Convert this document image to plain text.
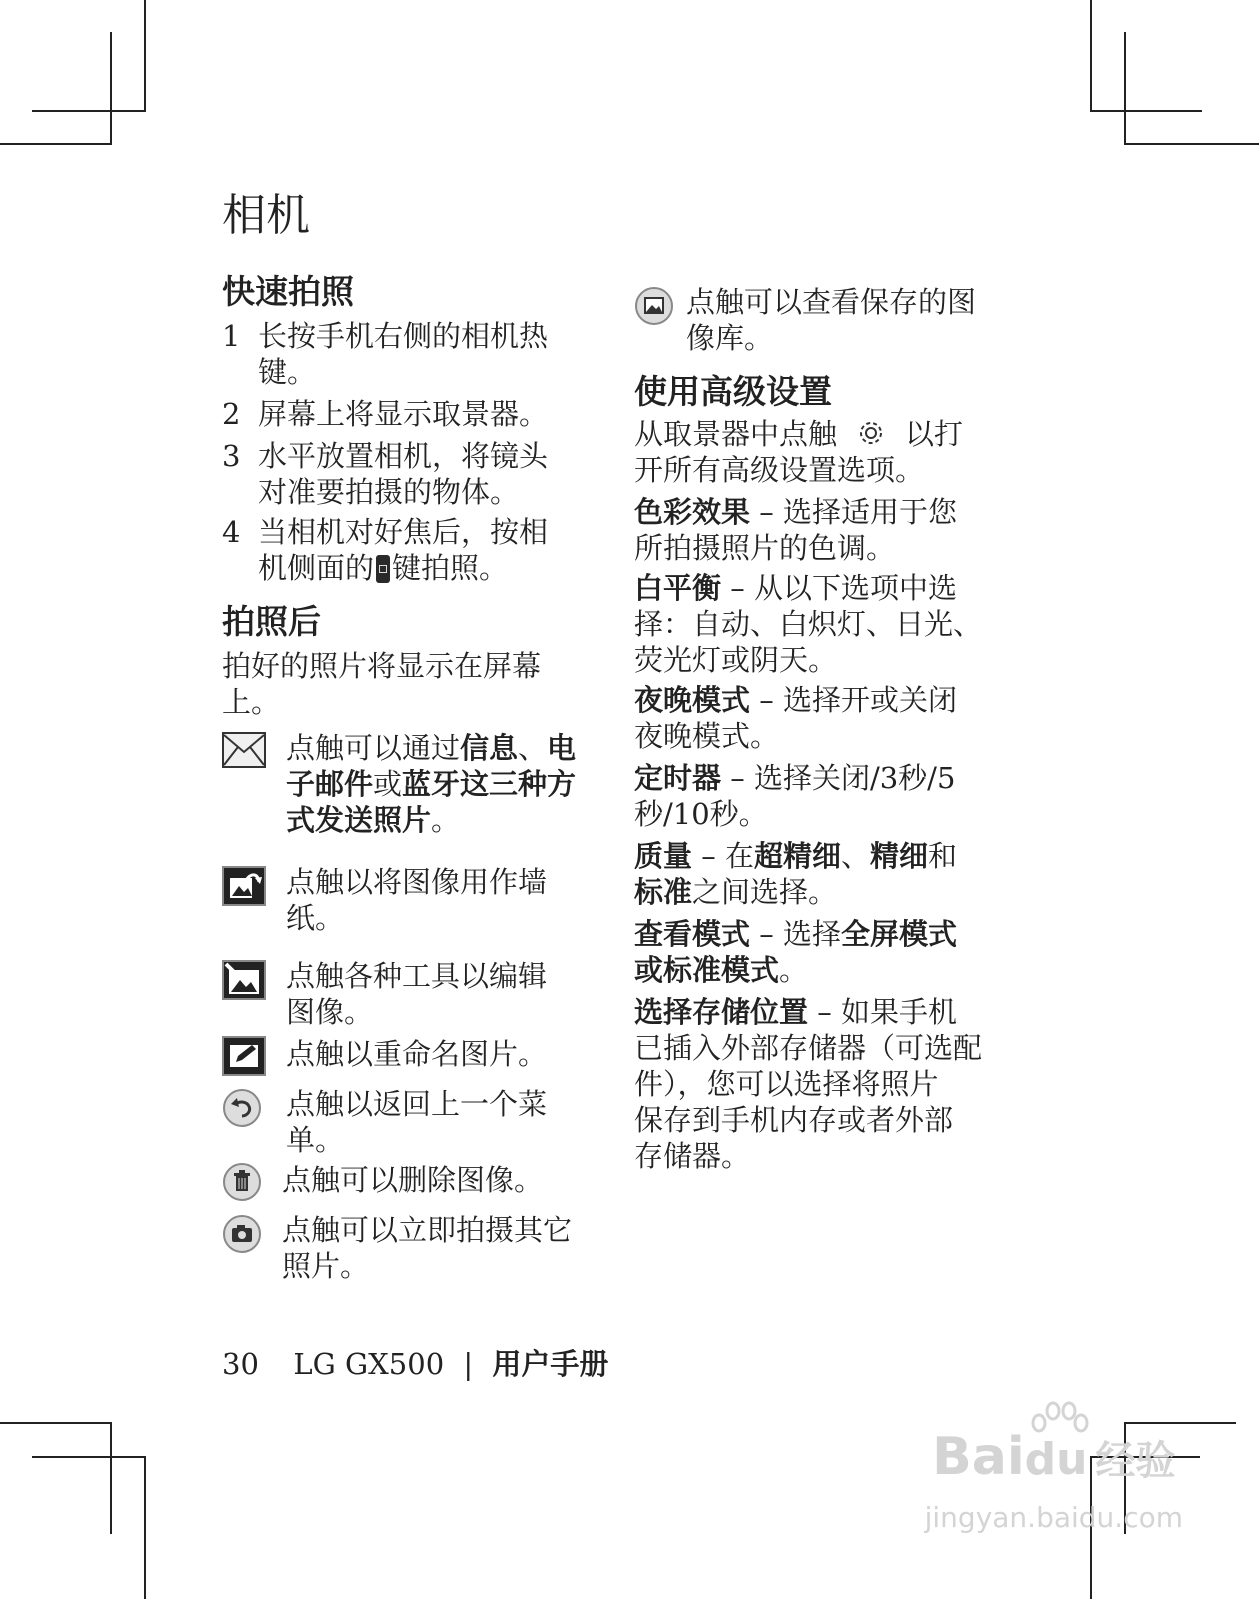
相机
快速拍照
1 长按手机右侧的相机热
键。
2 屏幕上将显示取景器。
3 水平放置相机，将镜头
对准要拍摄的物体。
4 当相机对好焦后，按相
机侧面的 键拍照。
拍照后
拍好的照片将显示在屏幕
上。
点触可以通过信息、电
子邮件或蓝牙这三种方
式发送照片。
点触以将图像用作墙
纸。
点触各种工具以编辑
图像。
点触以重命名图片。
点触以返回上一个菜
单。
点触可以删除图像。
点触可以立即拍摄其它
照片。
点触可以查看保存的图
像库。
使用高级设置
从取景器中点触 以打
开所有高级设置选项。
色彩效果 – 选择适用于您
所拍摄照片的色调。
白平衡 – 从以下选项中选
择：自动、白炽灯、日光、
荧光灯或阴天。
夜晚模式 – 选择开或关闭
夜晚模式。
定时器 – 选择关闭/3秒/5
秒/10秒。
质量 – 在超精细、精细和
标准之间选择。
查看模式 – 选择全屏模式
或标准模式。
选择存储位置 – 如果手机
已插入外部存储器（可选配
件），您可以选择将照片
保存到手机内存或者外部
存储器。
30 LG GX500 | 用户手册
Baidu 经验
jingyan.baidu.com
